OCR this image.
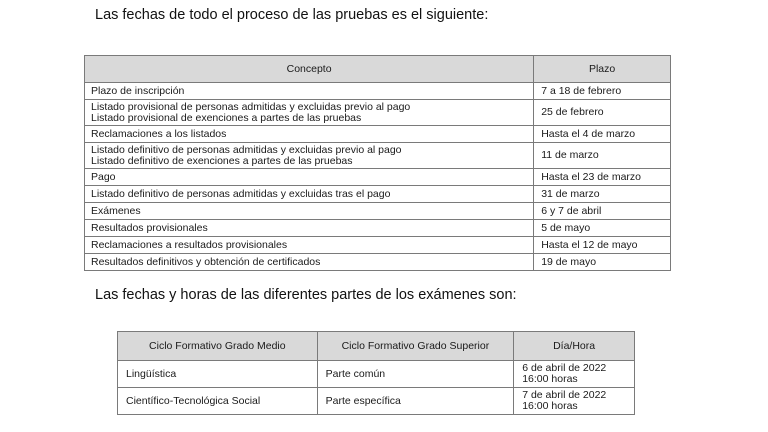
Las fechas de todo el proceso de las pruebas es el siguiente:
Concepto	Plazo

Plazo de inscripción	7 a 18 de febrero

Listado provisional de personas admitidas y excluidas previo al pago
Listado provisional de exenciones a partes de las pruebas	25 de febrero

Reclamaciones a los listados	Hasta el 4 de marzo

Listado definitivo de personas admitidas y excluidas previo al pago
Listado definitivo de exenciones a partes de las pruebas	11 de marzo

Pago	Hasta el 23 de marzo

Listado definitivo de personas admitidas y excluidas tras el pago	31 de marzo

Exámenes	6 y 7 de abril

Resultados provisionales	5 de mayo

Reclamaciones a resultados provisionales	Hasta el 12 de mayo

Resultados definitivos y obtención de certificados	19 de mayo
Las fechas y horas de las diferentes partes de los exámenes son:
Ciclo Formativo Grado Medio	Ciclo Formativo Grado Superior	Día/Hora
Lingüística	Parte común	6 de abril de 2022
16:00 horas

Científico-Tecnológica Social	Parte específica	7 de abril de 2022
16:00 horas
